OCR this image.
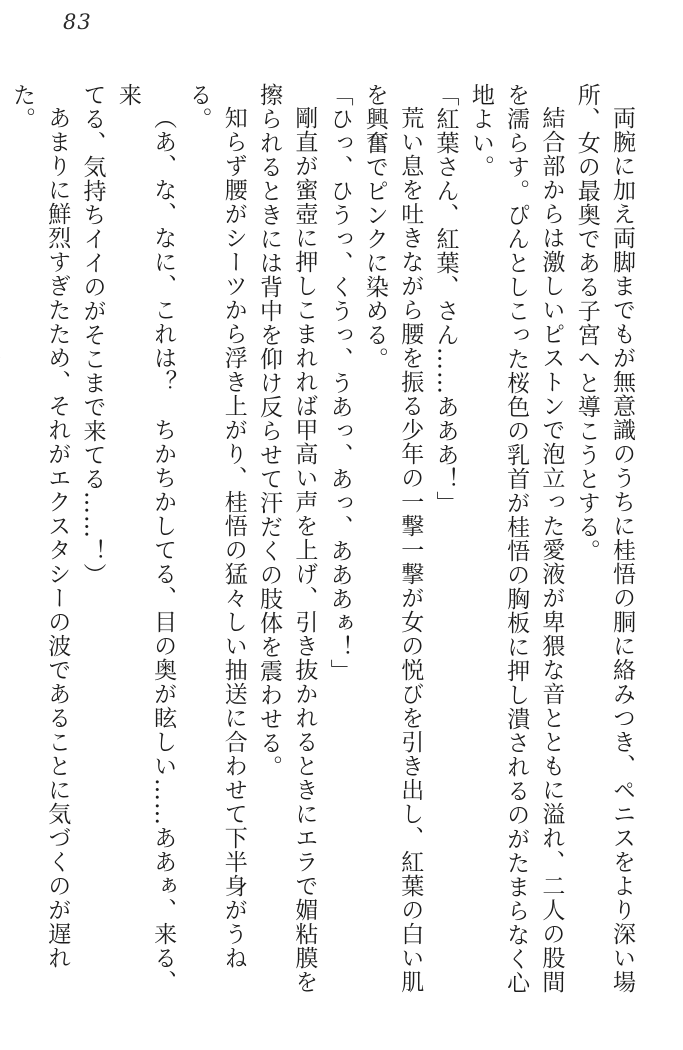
83
両腕に加え両脚までもが無意識のうちに桂悟の胴に絡みつき、ペニスをより深い場
所、女の最奥である子宮へと導こうとする。
結合部からは激しいピストンで泡立った愛液が卑猥な音とともに溢れ、二人の股間
を濡らす。ぴんとしこった桜色の乳首が桂悟の胸板に押し潰されるのがたまらなく心
地よい。
「紅葉さん、紅葉、さん……あああ！」
荒い息を吐きながら腰を振る少年の一撃一撃が女の悦びを引き出し、紅葉の白い肌
を興奮でピンクに染める。
「ひっ、ひうっ、くうっ、うあっ、あっ、あああぁ！」
剛直が蜜壺に押しこまれれば甲高い声を上げ、引き抜かれるときにエラで媚粘膜を
擦られるときには背中を仰け反らせて汗だくの肢体を震わせる。
知らず腰がシーツから浮き上がり、桂悟の猛々しい抽送に合わせて下半身がうねる。
（あ、な、なに、これは？　ちかちかしてる、目の奥が眩しい……ああぁ、来る、来
てる、気持ちイイのがそこまで来てる……！）
あまりに鮮烈すぎたため、それがエクスタシーの波であることに気づくのが遅れた。
